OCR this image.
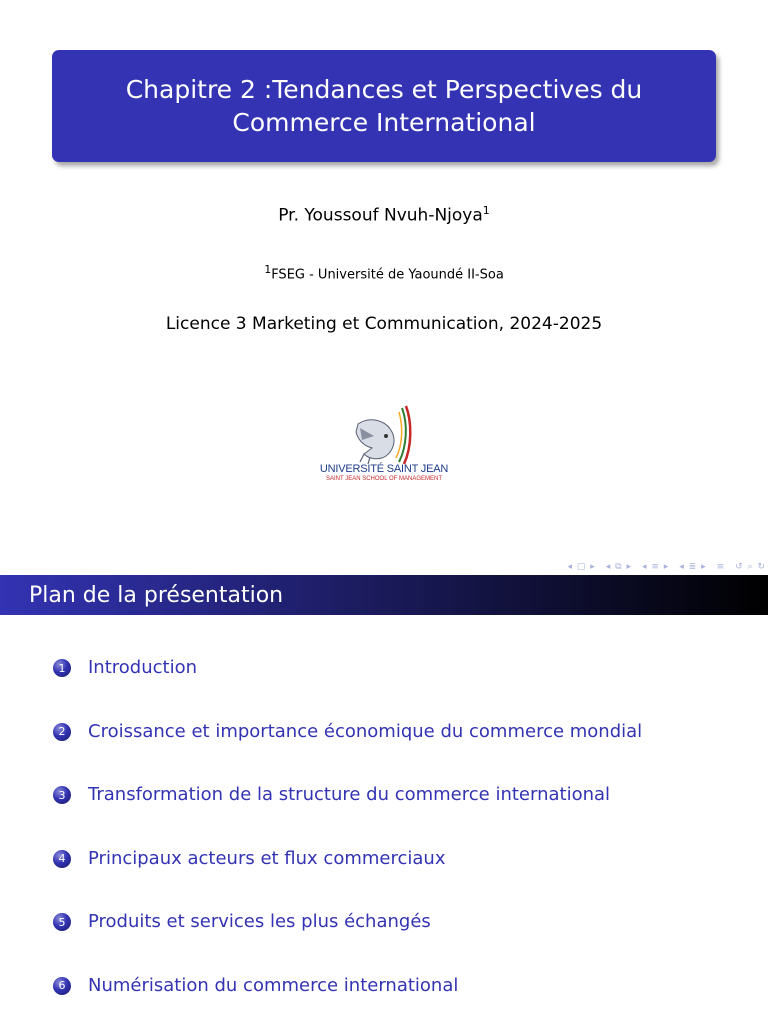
Chapitre 2 :Tendances et Perspectives du Commerce International
Pr. Youssouf Nvuh-Njoya$^1$
$^1$FSEG - Université de Yaoundé II-Soa
Licence 3 Marketing et Communication, 2024-2025
UNIVERSITÉ SAINT JEAN
SAINT JEAN SCHOOL OF MANAGEMENT
◂ ▢ ▸ ◂ ⧉ ▸ ◂ ≡ ▸ ◂ ≣ ▸ ≡ ↺ ⌕ ↻
Plan de la présentation
1	Introduction
2	Croissance et importance économique du commerce mondial
3	Transformation de la structure du commerce international
4	Principaux acteurs et flux commerciaux
5	Produits et services les plus échangés
6	Numérisation du commerce international
